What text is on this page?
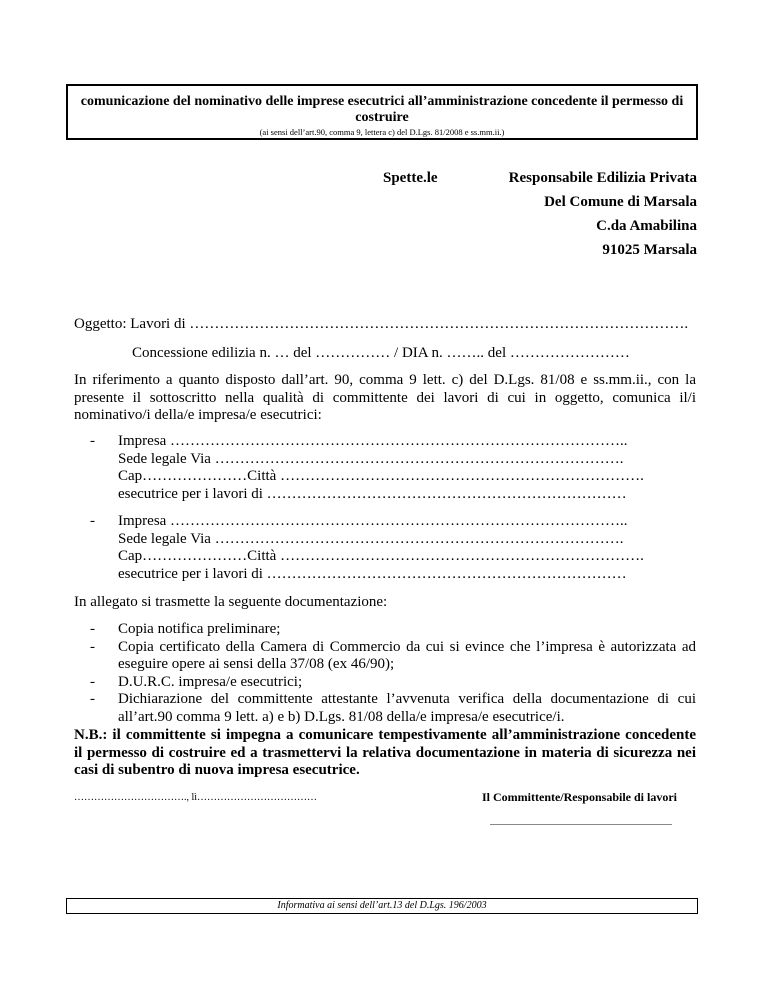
comunicazione del nominativo delle imprese esecutrici all’amministrazione concedente il permesso di costruire
(ai sensi dell’art.90, comma 9, lettera c) del D.Lgs. 81/2008 e ss.mm.ii.)
Spette.le	Responsabile Edilizia Privata
Del Comune di Marsala
C.da Amabilina
91025 Marsala
Oggetto: Lavori di ……………………………………………………………………………………….
Concessione edilizia n. … del …………… / DIA n. …….. del ……………………
In riferimento a quanto disposto dall’art. 90, comma 9 lett. c) del D.Lgs. 81/08 e ss.mm.ii., con la presente il sottoscritto nella qualità di committente dei lavori di cui in oggetto, comunica il/i nominativo/i della/e impresa/e esecutrici:
- Impresa ………………………………………………………………………………..
Sede legale Via ……………………………………………………………………….
Cap…………………Città ……………………………………………………………….
esecutrice per i lavori di ………………………………………………………………
- Impresa ………………………………………………………………………………..
Sede legale Via ……………………………………………………………………….
Cap…………………Città ……………………………………………………………….
esecutrice per i lavori di ………………………………………………………………
In allegato si trasmette la seguente documentazione:
- Copia notifica preliminare;
- Copia certificato della Camera di Commercio da cui si evince che l’impresa è autorizzata ad eseguire opere ai sensi della 37/08 (ex 46/90);
- D.U.R.C. impresa/e esecutrici;
- Dichiarazione del committente attestante l’avvenuta verifica della documentazione di cui all’art.90 comma 9 lett. a) e b) D.Lgs. 81/08 della/e impresa/e esecutrice/i.
N.B.: il committente si impegna a comunicare tempestivamente all’amministrazione concedente il permesso di costruire ed a trasmettervi la relativa documentazione in materia di sicurezza nei casi di subentro di nuova impresa esecutrice.
……………………………., lì………………………………	Il Committente/Responsabile di lavori
Informativa ai sensi dell’art.13 del D.Lgs. 196/2003
